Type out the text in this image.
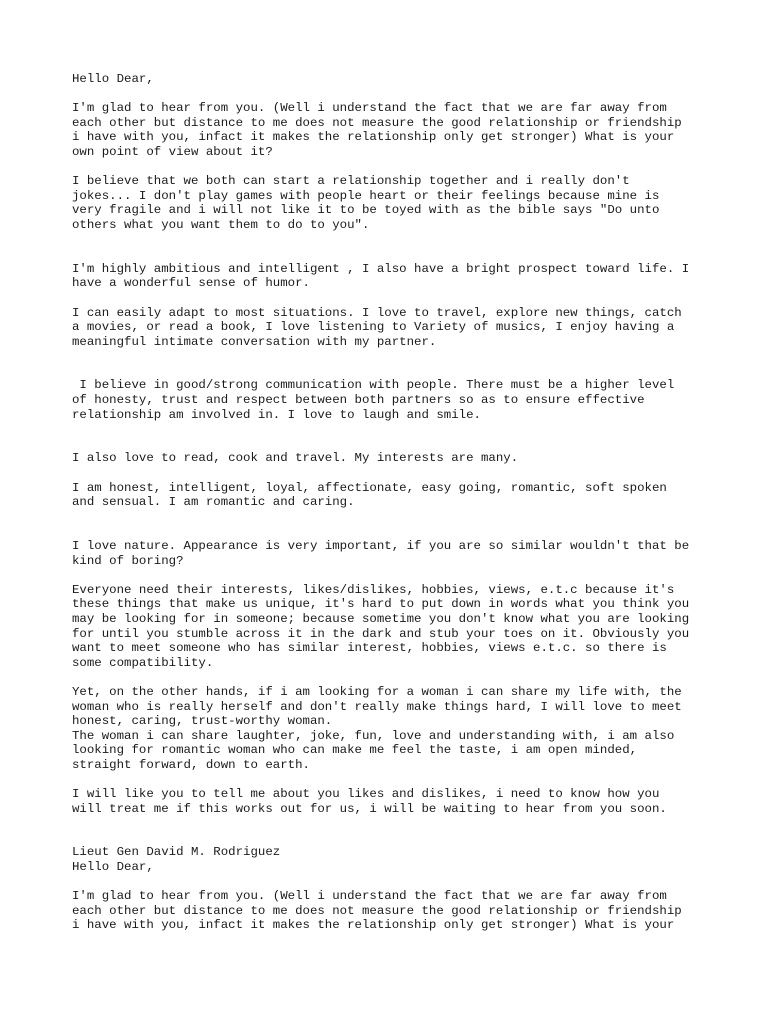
Hello Dear,
I'm glad to hear from you. (Well i understand the fact that we are far away from
each other but distance to me does not measure the good relationship or friendship
i have with you, infact it makes the relationship only get stronger) What is your
own point of view about it?
I believe that we both can start a relationship together and i really don't
jokes... I don't play games with people heart or their feelings because mine is
very fragile and i will not like it to be toyed with as the bible says "Do unto
others what you want them to do to you".
I'm highly ambitious and intelligent , I also have a bright prospect toward life. I
have a wonderful sense of humor.
I can easily adapt to most situations. I love to travel, explore new things, catch
a movies, or read a book, I love listening to Variety of musics, I enjoy having a
meaningful intimate conversation with my partner.
I believe in good/strong communication with people. There must be a higher level
of honesty, trust and respect between both partners so as to ensure effective
relationship am involved in. I love to laugh and smile.
I also love to read, cook and travel. My interests are many.
I am honest, intelligent, loyal, affectionate, easy going, romantic, soft spoken
and sensual. I am romantic and caring.
I love nature. Appearance is very important, if you are so similar wouldn't that be
kind of boring?
Everyone need their interests, likes/dislikes, hobbies, views, e.t.c because it's
these things that make us unique, it's hard to put down in words what you think you
may be looking for in someone; because sometime you don't know what you are looking
for until you stumble across it in the dark and stub your toes on it. Obviously you
want to meet someone who has similar interest, hobbies, views e.t.c. so there is
some compatibility.
Yet, on the other hands, if i am looking for a woman i can share my life with, the
woman who is really herself and don't really make things hard, I will love to meet
honest, caring, trust-worthy woman.
The woman i can share laughter, joke, fun, love and understanding with, i am also
looking for romantic woman who can make me feel the taste, i am open minded,
straight forward, down to earth.
I will like you to tell me about you likes and dislikes, i need to know how you
will treat me if this works out for us, i will be waiting to hear from you soon.
Lieut Gen David M. Rodriguez
Hello Dear,
I'm glad to hear from you. (Well i understand the fact that we are far away from
each other but distance to me does not measure the good relationship or friendship
i have with you, infact it makes the relationship only get stronger) What is your
